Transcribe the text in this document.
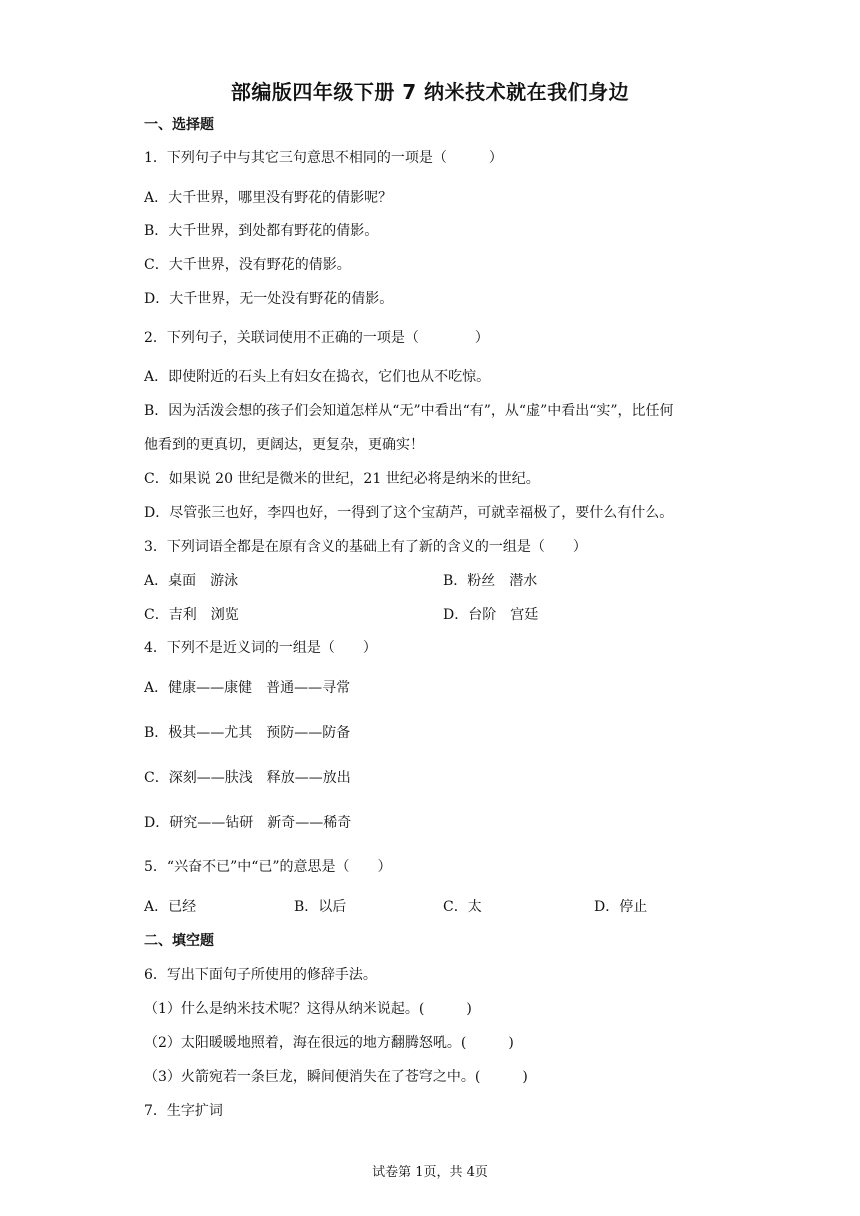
部编版四年级下册 7 纳米技术就在我们身边
一、选择题
1．下列句子中与其它三句意思不相同的一项是（　　　）
A．大千世界，哪里没有野花的倩影呢？
B．大千世界，到处都有野花的倩影。
C．大千世界，没有野花的倩影。
D．大千世界，无一处没有野花的倩影。
2．下列句子，关联词使用不正确的一项是（　　　　）
A．即使附近的石头上有妇女在捣衣，它们也从不吃惊。
B．因为活泼会想的孩子们会知道怎样从“无”中看出“有”，从“虚”中看出“实”，比任何
他看到的更真切，更阔达，更复杂，更确实！
C．如果说 20 世纪是微米的世纪，21 世纪必将是纳米的世纪。
D．尽管张三也好，李四也好，一得到了这个宝葫芦，可就幸福极了，要什么有什么。
3．下列词语全都是在原有含义的基础上有了新的含义的一组是（　　）
A．桌面　游泳	B．粉丝　潜水
C．吉利　浏览	D．台阶　宫廷
4．下列不是近义词的一组是（　　）
A．健康——康健　普通——寻常
B．极其——尤其　预防——防备
C．深刻——肤浅　释放——放出
D．研究——钻研　新奇——稀奇
5．“兴奋不已”中“已”的意思是（　　）
A．已经	B．以后	C．太	D．停止
二、填空题
6．写出下面句子所使用的修辞手法。
（1）什么是纳米技术呢？这得从纳米说起。(　　　)
（2）太阳暖暖地照着，海在很远的地方翻腾怒吼。(　　　)
（3）火箭宛若一条巨龙，瞬间便消失在了苍穹之中。(　　　)
7．生字扩词
试卷第 1页，共 4页
